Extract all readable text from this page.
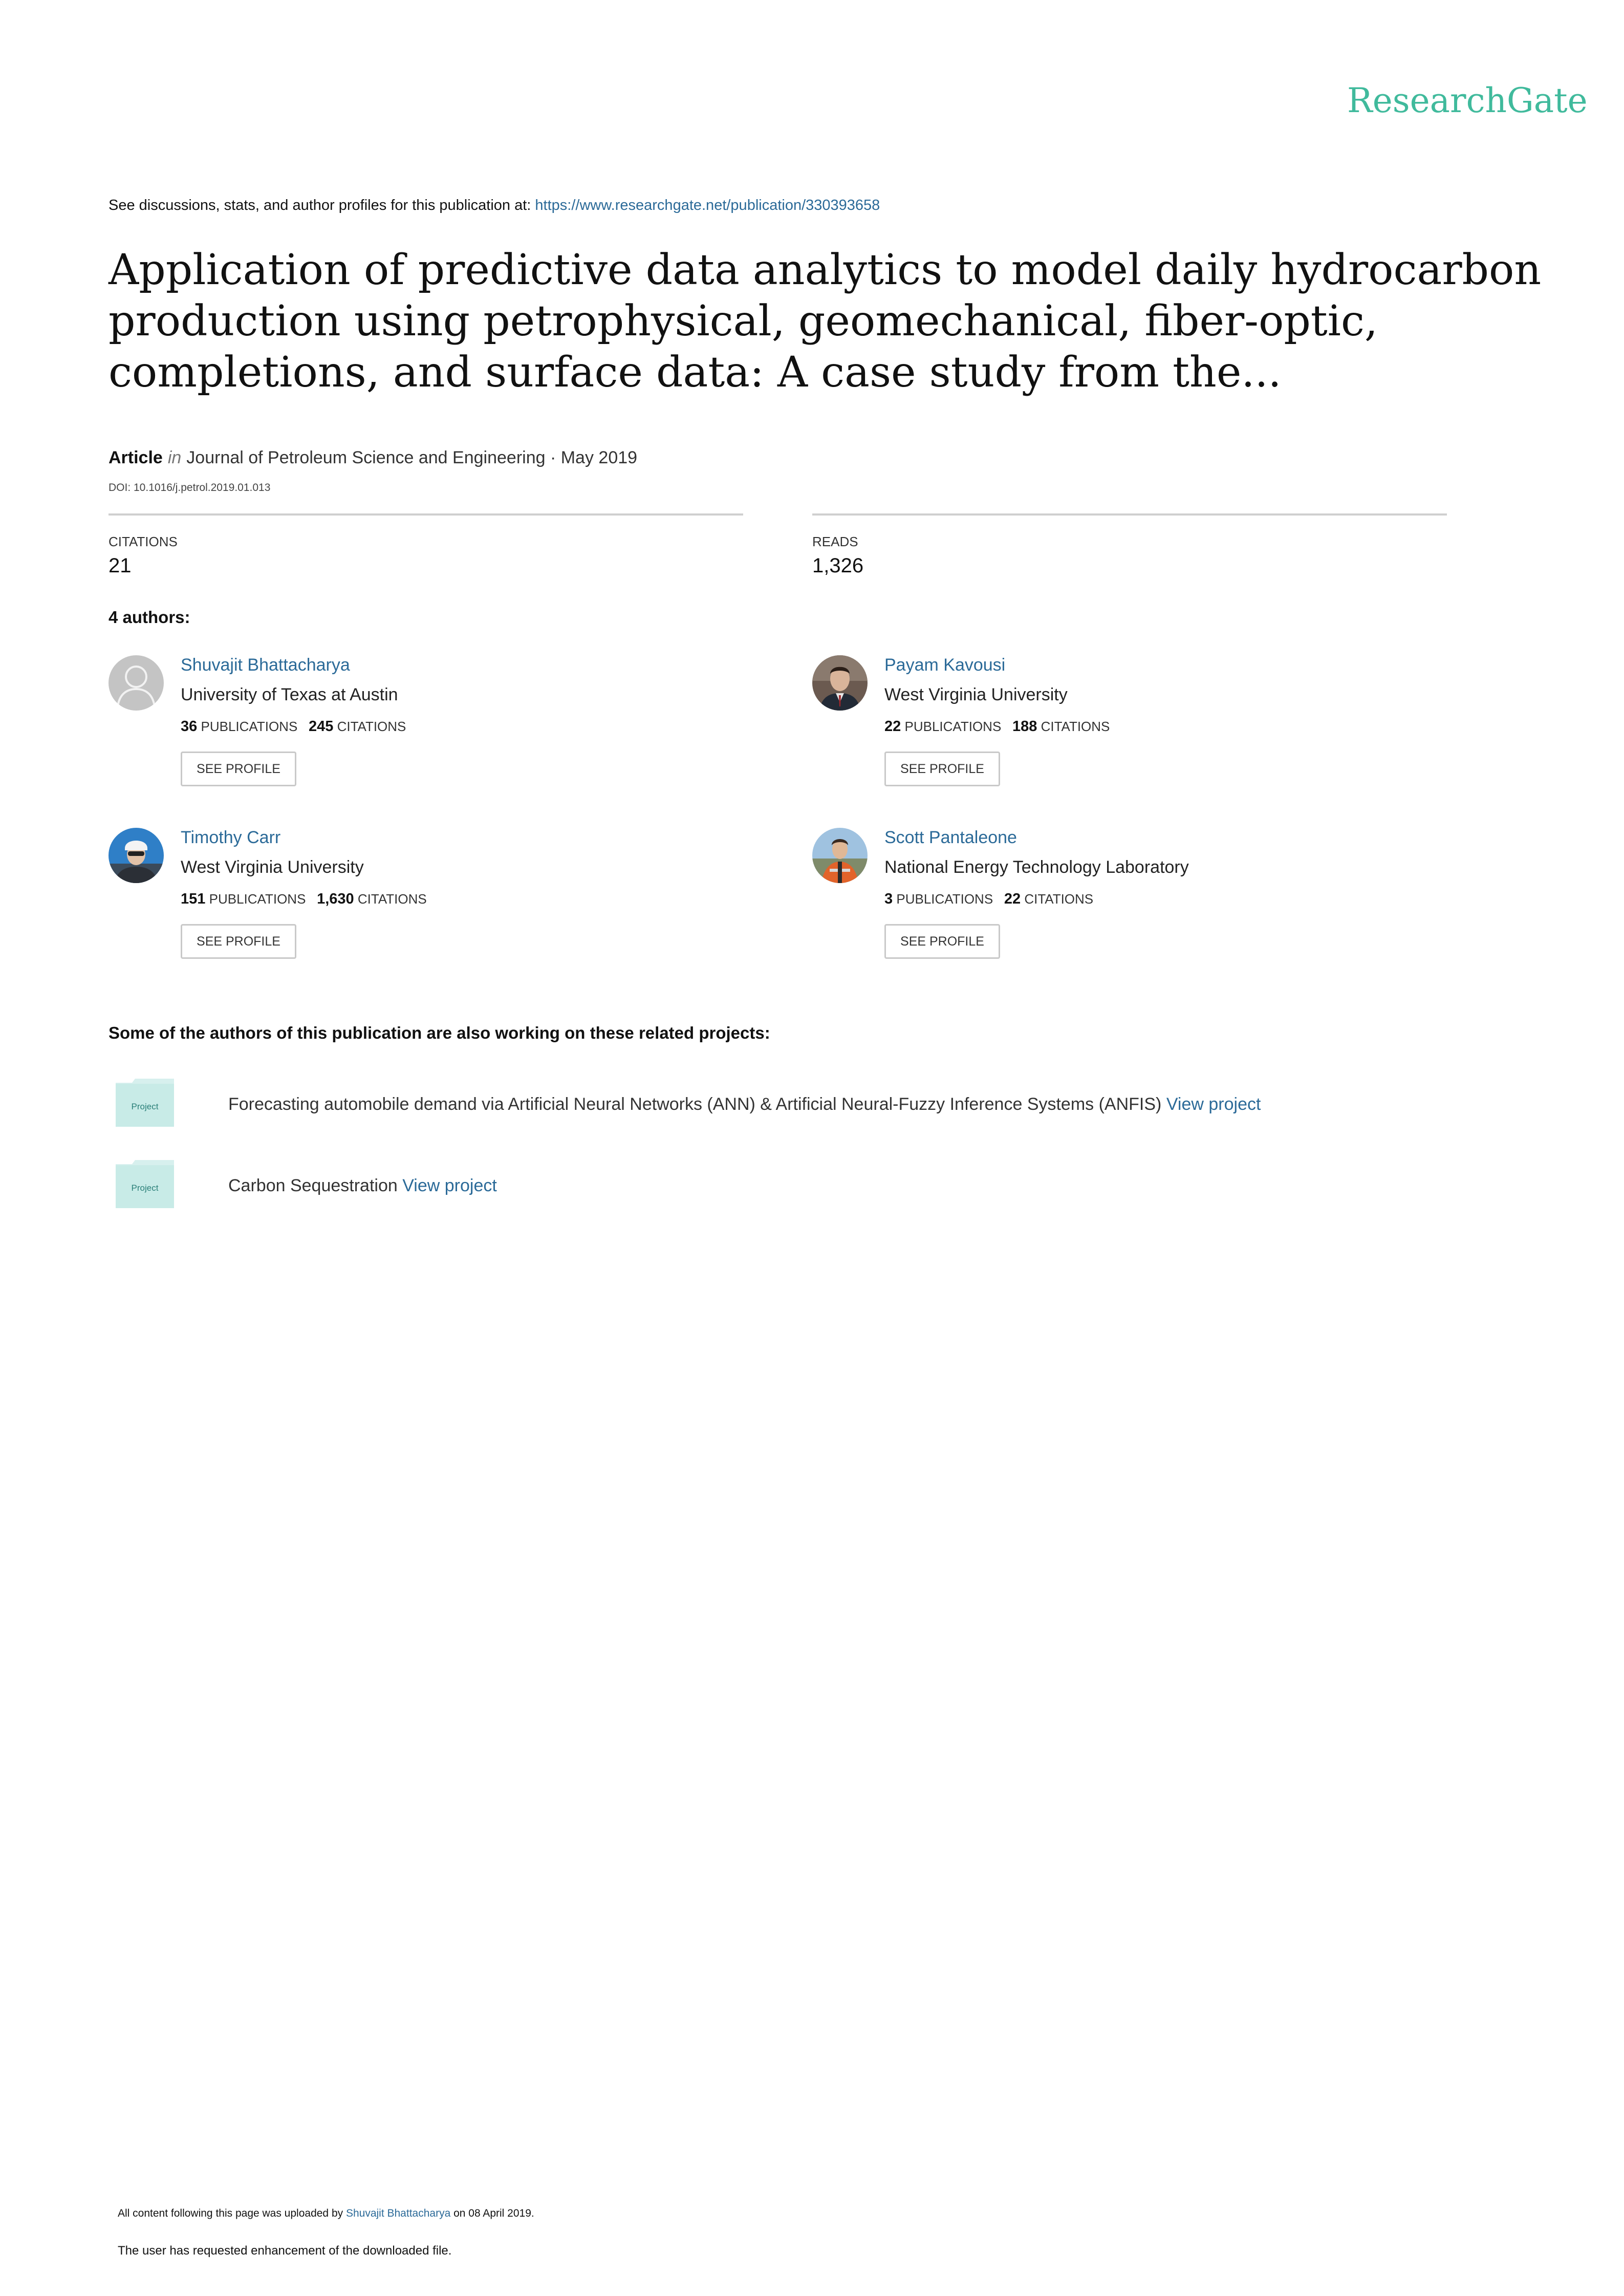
ResearchGate
See discussions, stats, and author profiles for this publication at: https://www.researchgate.net/publication/330393658
Application of predictive data analytics to model daily hydrocarbon production using petrophysical, geomechanical, fiber-optic, completions, and surface data: A case study from the...
Article in Journal of Petroleum Science and Engineering · May 2019
DOI: 10.1016/j.petrol.2019.01.013
CITATIONS
21
READS
1,326
4 authors:
Shuvajit Bhattacharya
University of Texas at Austin
36 PUBLICATIONS 245 CITATIONS
SEE PROFILE
Payam Kavousi
West Virginia University
22 PUBLICATIONS 188 CITATIONS
SEE PROFILE
Timothy Carr
West Virginia University
151 PUBLICATIONS 1,630 CITATIONS
SEE PROFILE
Scott Pantaleone
National Energy Technology Laboratory
3 PUBLICATIONS 22 CITATIONS
SEE PROFILE
Some of the authors of this publication are also working on these related projects:
Project	Forecasting automobile demand via Artificial Neural Networks (ANN) & Artificial Neural-Fuzzy Inference Systems (ANFIS) View project
Project	Carbon Sequestration View project
All content following this page was uploaded by Shuvajit Bhattacharya on 08 April 2019.
The user has requested enhancement of the downloaded file.
